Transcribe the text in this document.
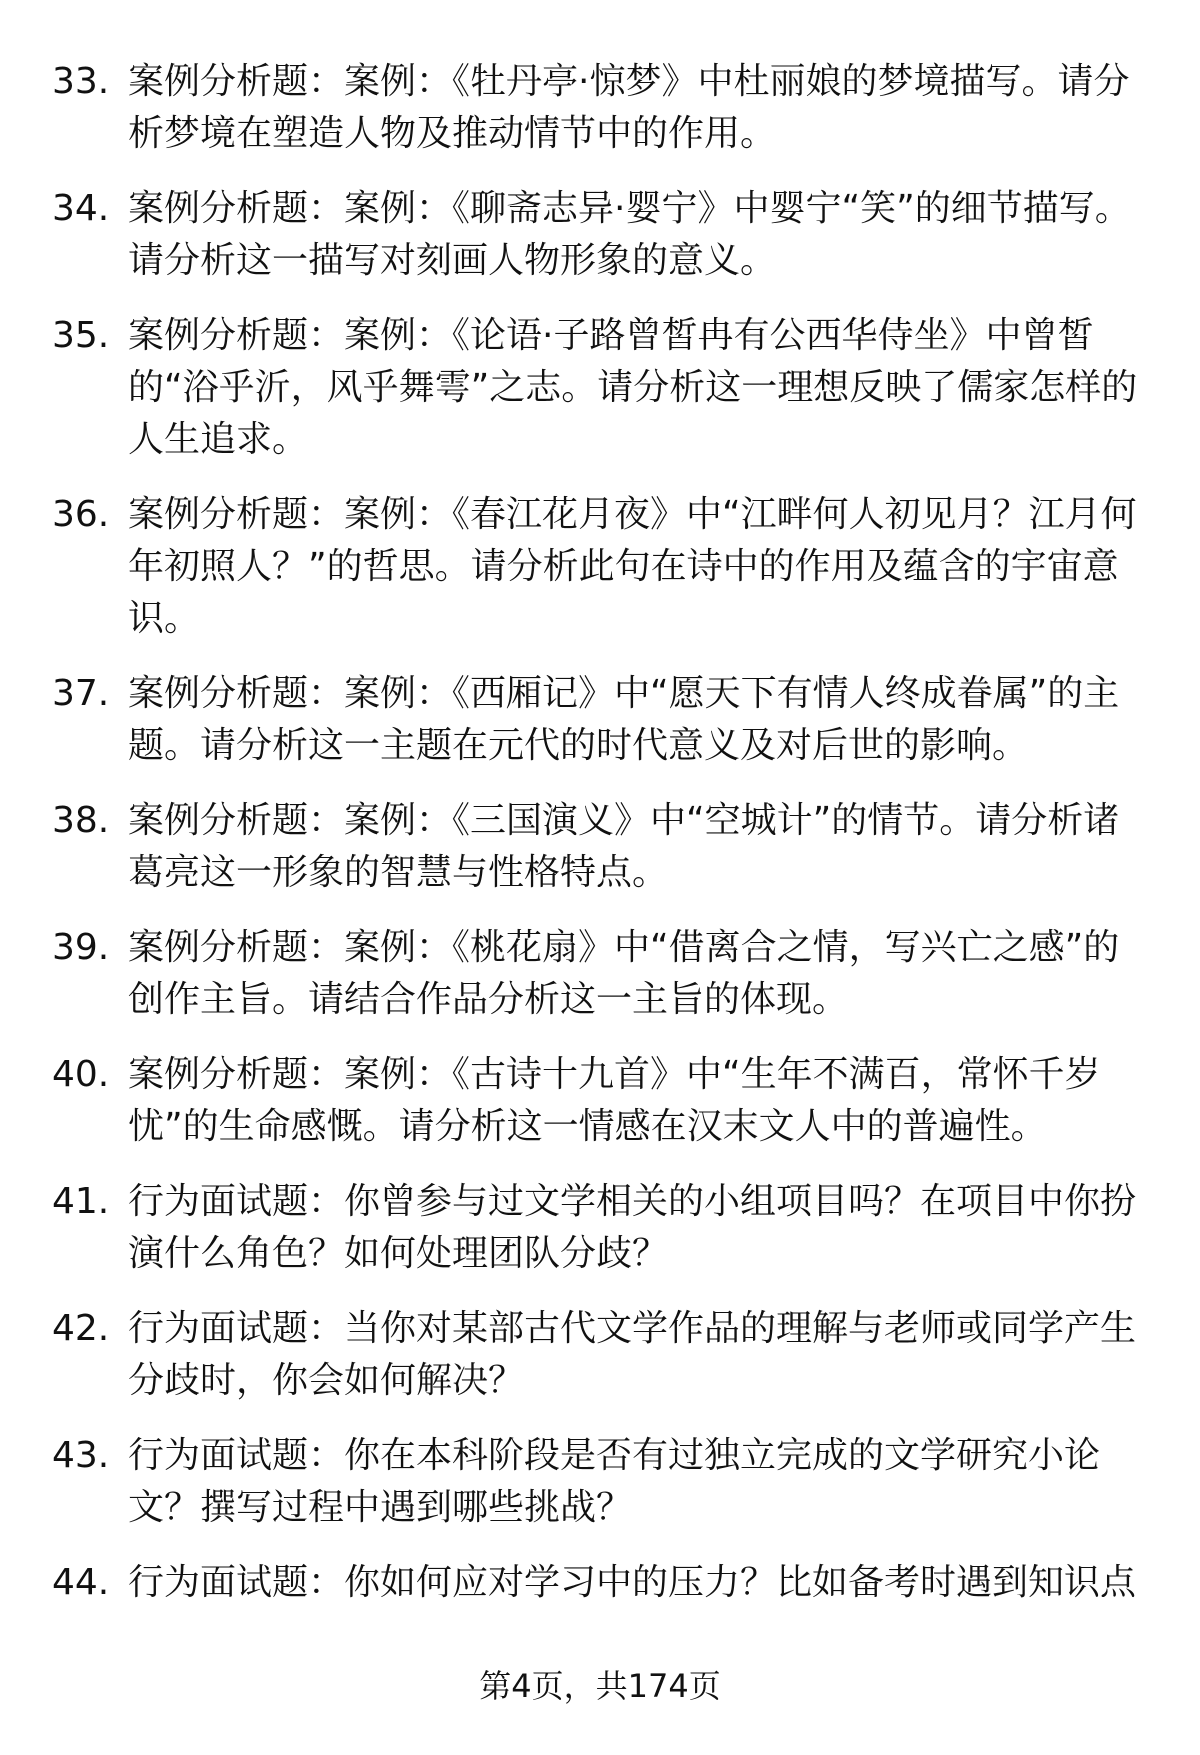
33. 案例分析题：案例：《牡丹亭·惊梦》中杜丽娘的梦境描写。请分析梦境在塑造人物及推动情节中的作用。
34. 案例分析题：案例：《聊斋志异·婴宁》中婴宁“笑”的细节描写。请分析这一描写对刻画人物形象的意义。
35. 案例分析题：案例：《论语·子路曾皙冉有公西华侍坐》中曾皙的“浴乎沂，风乎舞雩”之志。请分析这一理想反映了儒家怎样的人生追求。
36. 案例分析题：案例：《春江花月夜》中“江畔何人初见月？江月何年初照人？”的哲思。请分析此句在诗中的作用及蕴含的宇宙意识。
37. 案例分析题：案例：《西厢记》中“愿天下有情人终成眷属”的主题。请分析这一主题在元代的时代意义及对后世的影响。
38. 案例分析题：案例：《三国演义》中“空城计”的情节。请分析诸葛亮这一形象的智慧与性格特点。
39. 案例分析题：案例：《桃花扇》中“借离合之情，写兴亡之感”的创作主旨。请结合作品分析这一主旨的体现。
40. 案例分析题：案例：《古诗十九首》中“生年不满百，常怀千岁忧”的生命感慨。请分析这一情感在汉末文人中的普遍性。
41. 行为面试题：你曾参与过文学相关的小组项目吗？在项目中你扮演什么角色？如何处理团队分歧？
42. 行为面试题：当你对某部古代文学作品的理解与老师或同学产生分歧时，你会如何解决？
43. 行为面试题：你在本科阶段是否有过独立完成的文学研究小论文？撰写过程中遇到哪些挑战？
44. 行为面试题：你如何应对学习中的压力？比如备考时遇到知识点
第4页，共174页
